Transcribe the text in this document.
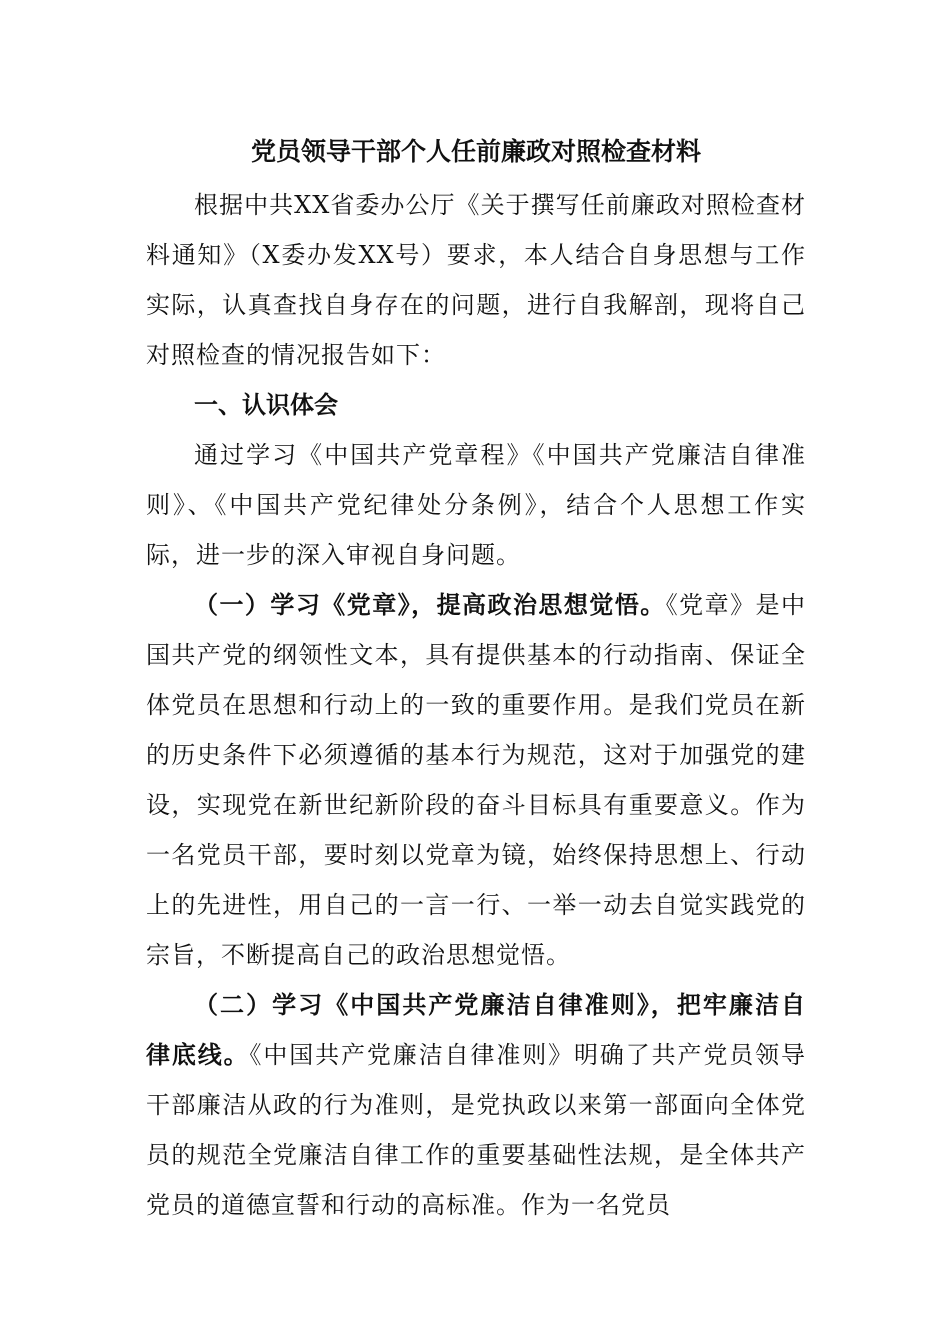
党员领导干部个人任前廉政对照检查材料

根据中共XX省委办公厅《关于撰写任前廉政对照检查材料通知》（X委办发XX号）要求，本人结合自身思想与工作实际，认真查找自身存在的问题，进行自我解剖，现将自己对照检查的情况报告如下：

一、认识体会

通过学习《中国共产党章程》《中国共产党廉洁自律准则》、《中国共产党纪律处分条例》，结合个人思想工作实际，进一步的深入审视自身问题。

（一）学习《党章》，提高政治思想觉悟。《党章》是中国共产党的纲领性文本，具有提供基本的行动指南、保证全体党员在思想和行动上的一致的重要作用。是我们党员在新的历史条件下必须遵循的基本行为规范，这对于加强党的建设，实现党在新世纪新阶段的奋斗目标具有重要意义。作为一名党员干部，要时刻以党章为镜，始终保持思想上、行动上的先进性，用自己的一言一行、一举一动去自觉实践党的宗旨，不断提高自己的政治思想觉悟。

（二）学习《中国共产党廉洁自律准则》，把牢廉洁自律底线。《中国共产党廉洁自律准则》明确了共产党员领导干部廉洁从政的行为准则，是党执政以来第一部面向全体党员的规范全党廉洁自律工作的重要基础性法规，是全体共产党员的道德宣誓和行动的高标准。作为一名党员
